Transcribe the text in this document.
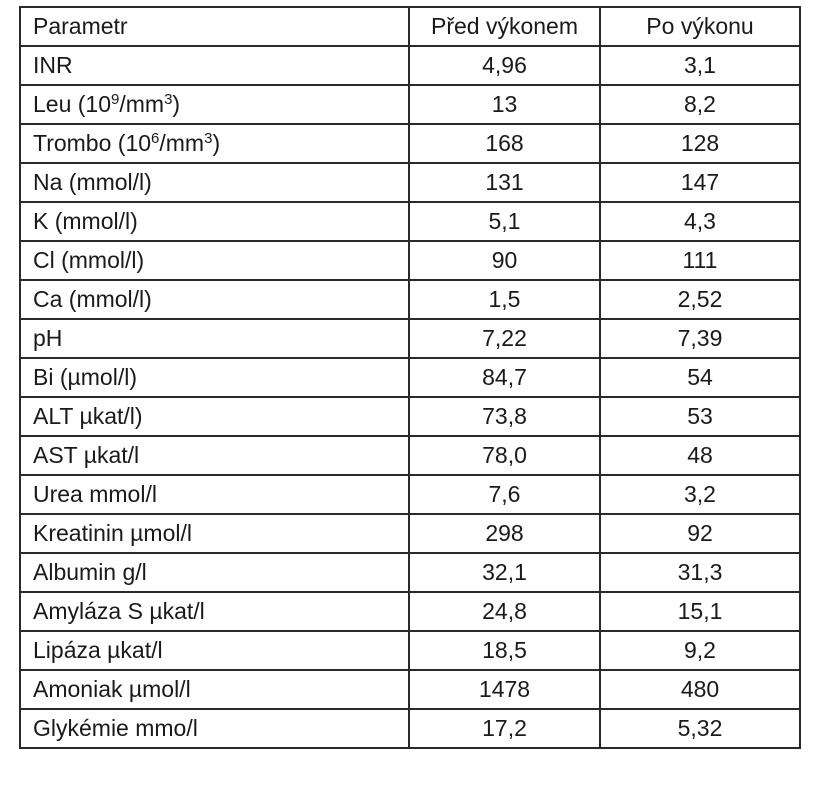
Parametr	Před výkonem	Po výkonu
INR	4,96	3,1
Leu $(10^9/mm^3)$	13	8,2
Trombo $(10^6/mm^3)$	168	128
Na (mmol/l)	131	147
K (mmol/l)	5,1	4,3
Cl (mmol/l)	90	111
Ca (mmol/l)	1,5	2,52
pH	7,22	7,39
Bi (µmol/l)	84,7	54
ALT µkat/l)	73,8	53
AST µkat/l	78,0	48
Urea mmol/l	7,6	3,2
Kreatinin µmol/l	298	92
Albumin g/l	32,1	31,3
Amyláza S µkat/l	24,8	15,1
Lipáza µkat/l	18,5	9,2
Amoniak µmol/l	1478	480
Glykémie mmo/l	17,2	5,32
